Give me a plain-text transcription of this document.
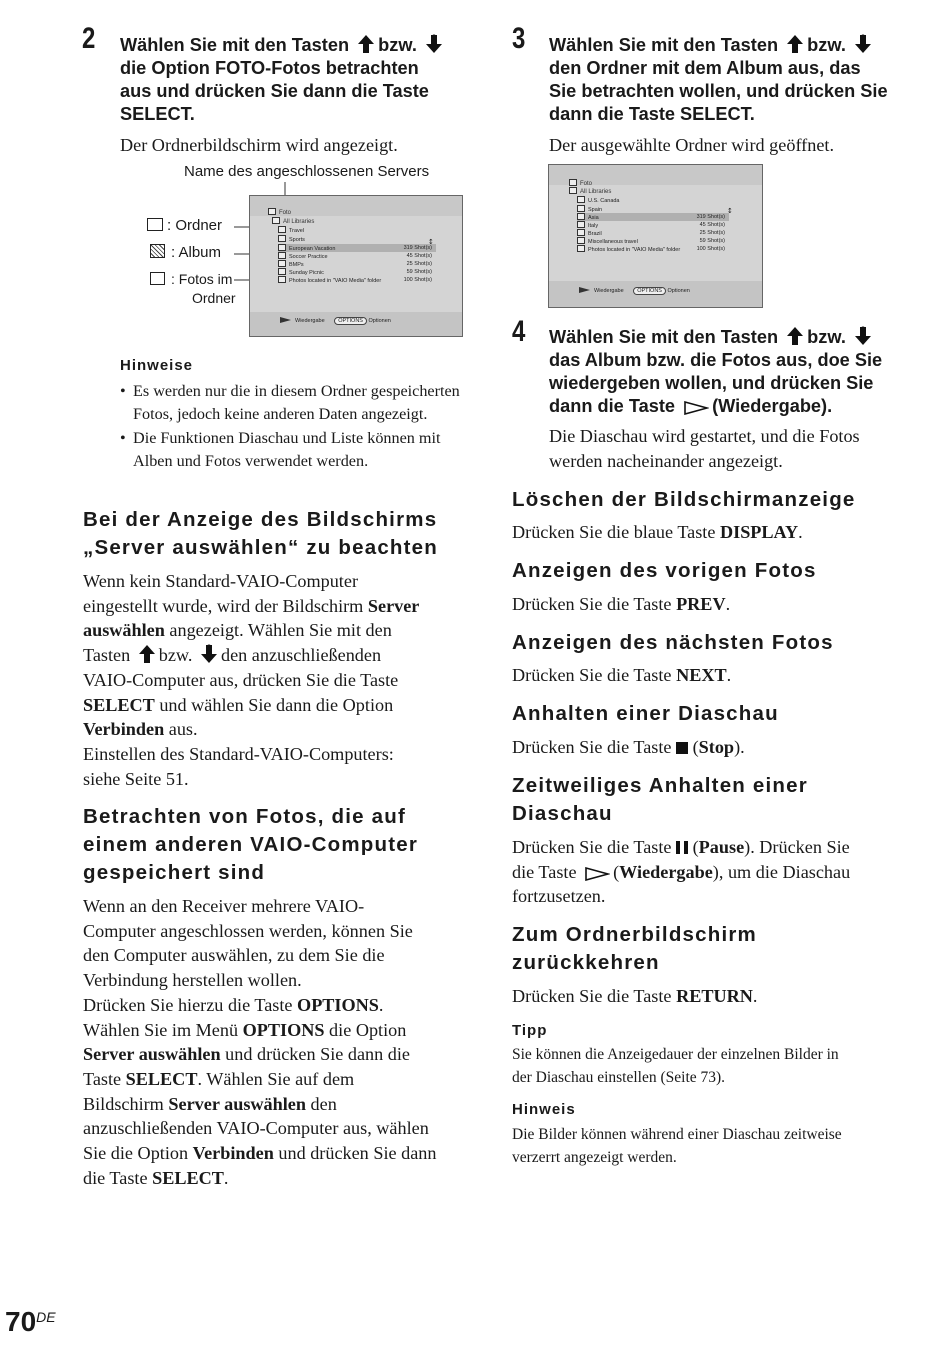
2 Wählen Sie mit den Tasten bzw.
die Option FOTO-Fotos betrachten
aus und drücken Sie dann die Taste
SELECT.
Der Ordnerbildschirm wird angezeigt.
Name des angeschlossenen Servers
: Ordner
: Album
: Fotos im
Ordner
Foto
All Libraries
Travel
Sports
European Vacation	319 Shot(s)
Soccer Practice	45 Shot(s)
BMPs	25 Shot(s)
Sunday Picnic	59 Shot(s)
Photos located in "VAIO Media" folder	100 Shot(s)
↕
Wiedergabe OPTIONS Optionen
Hinweise
• Es werden nur die in diesem Ordner gespeicherten Fotos, jedoch keine anderen Daten angezeigt.
• Die Funktionen Diaschau und Liste können mit Alben und Fotos verwendet werden.
Bei der Anzeige des Bildschirms
„Server auswählen“ zu beachten
Wenn kein Standard-VAIO-Computer
eingestellt wurde, wird der Bildschirm Server
auswählen angezeigt. Wählen Sie mit den
Tasten bzw. den anzuschließenden
VAIO-Computer aus, drücken Sie die Taste
SELECT und wählen Sie dann die Option
Verbinden aus.
Einstellen des Standard-VAIO-Computers:
siehe Seite 51.
Betrachten von Fotos, die auf
einem anderen VAIO-Computer
gespeichert sind
Wenn an den Receiver mehrere VAIO-
Computer angeschlossen werden, können Sie
den Computer auswählen, zu dem Sie die
Verbindung herstellen wollen.
Drücken Sie hierzu die Taste OPTIONS.
Wählen Sie im Menü OPTIONS die Option
Server auswählen und drücken Sie dann die
Taste SELECT. Wählen Sie auf dem
Bildschirm Server auswählen den
anzuschließenden VAIO-Computer aus, wählen
Sie die Option Verbinden und drücken Sie dann
die Taste SELECT.
3 Wählen Sie mit den Tasten bzw.
den Ordner mit dem Album aus, das
Sie betrachten wollen, und drücken Sie
dann die Taste SELECT.
Der ausgewählte Ordner wird geöffnet.
Foto
All Libraries
U.S. Canada
Spain
Asia	319 Shot(s)
Italy	45 Shot(s)
Brazil	25 Shot(s)
Miscellaneous travel	59 Shot(s)
Photos located in "VAIO Media" folder	100 Shot(s)
↕
Wiedergabe OPTIONS Optionen
4 Wählen Sie mit den Tasten bzw.
das Album bzw. die Fotos aus, doe Sie
wiedergeben wollen, und drücken Sie
dann die Taste (Wiedergabe).
Die Diaschau wird gestartet, und die Fotos
werden nacheinander angezeigt.
Löschen der Bildschirmanzeige
Drücken Sie die blaue Taste DISPLAY.
Anzeigen des vorigen Fotos
Drücken Sie die Taste PREV.
Anzeigen des nächsten Fotos
Drücken Sie die Taste NEXT.
Anhalten einer Diaschau
Drücken Sie die Taste  (Stop).
Zeitweiliges Anhalten einer
Diaschau
Drücken Sie die Taste  (Pause). Drücken Sie
die Taste (Wiedergabe), um die Diaschau
fortzusetzen.
Zum Ordnerbildschirm
zurückkehren
Drücken Sie die Taste RETURN.
Tipp
Sie können die Anzeigedauer der einzelnen Bilder in
der Diaschau einstellen (Seite 73).
Hinweis
Die Bilder können während einer Diaschau zeitweise
verzerrt angezeigt werden.
70DE
